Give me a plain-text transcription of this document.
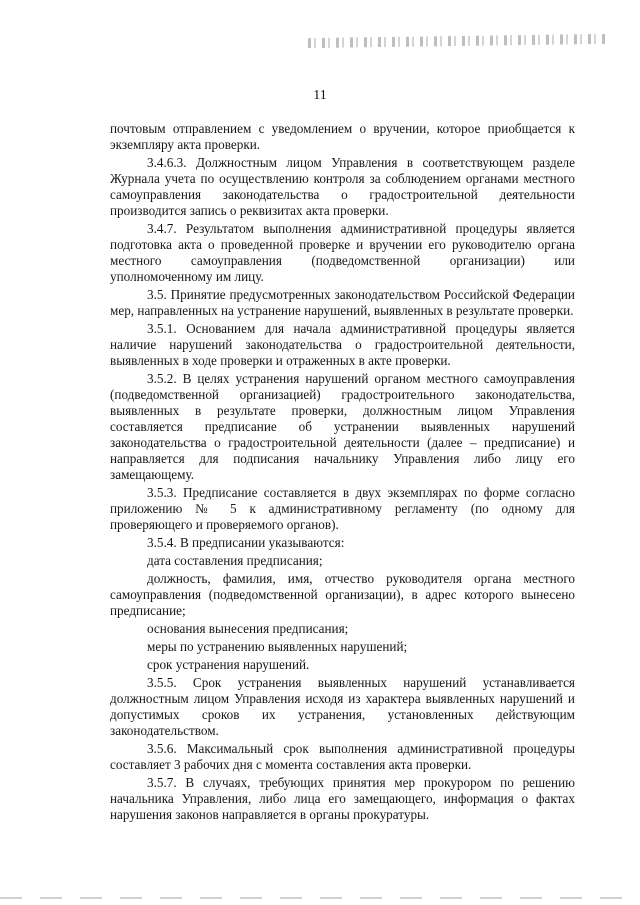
11

почтовым отправлением с уведомлением о вручении, которое приобщается к экземпляру акта проверки.

3.4.6.3. Должностным лицом Управления в соответствующем разделе Журнала учета по осуществлению контроля за соблюдением органами местного самоуправления законодательства о градостроительной деятельности производится запись о реквизитах акта проверки.

3.4.7. Результатом выполнения административной процедуры является подготовка акта о проведенной проверке и вручении его руководителю органа местного самоуправления (подведомственной организации) или уполномоченному им лицу.

3.5. Принятие предусмотренных законодательством Российской Федерации мер, направленных на устранение нарушений, выявленных в результате проверки.

3.5.1. Основанием для начала административной процедуры является наличие нарушений законодательства о градостроительной деятельности, выявленных в ходе проверки и отраженных в акте проверки.

3.5.2. В целях устранения нарушений органом местного самоуправления (подведомственной организацией) градостроительного законодательства, выявленных в результате проверки, должностным лицом Управления составляется предписание об устранении выявленных нарушений законодательства о градостроительной деятельности (далее – предписание) и направляется для подписания начальнику Управления либо лицу его замещающему.

3.5.3. Предписание составляется в двух экземплярах по форме согласно приложению № 5 к административному регламенту (по одному для проверяющего и проверяемого органов).

3.5.4. В предписании указываются:

дата составления предписания;

должность, фамилия, имя, отчество руководителя органа местного самоуправления (подведомственной организации), в адрес которого вынесено предписание;

основания вынесения предписания;

меры по устранению выявленных нарушений;

срок устранения нарушений.

3.5.5. Срок устранения выявленных нарушений устанавливается должностным лицом Управления исходя из характера выявленных нарушений и допустимых сроков их устранения, установленных действующим законодательством.

3.5.6. Максимальный срок выполнения административной процедуры составляет 3 рабочих дня с момента составления акта проверки.

3.5.7. В случаях, требующих принятия мер прокурором по решению начальника Управления, либо лица его замещающего, информация о фактах нарушения законов направляется в органы прокуратуры.
